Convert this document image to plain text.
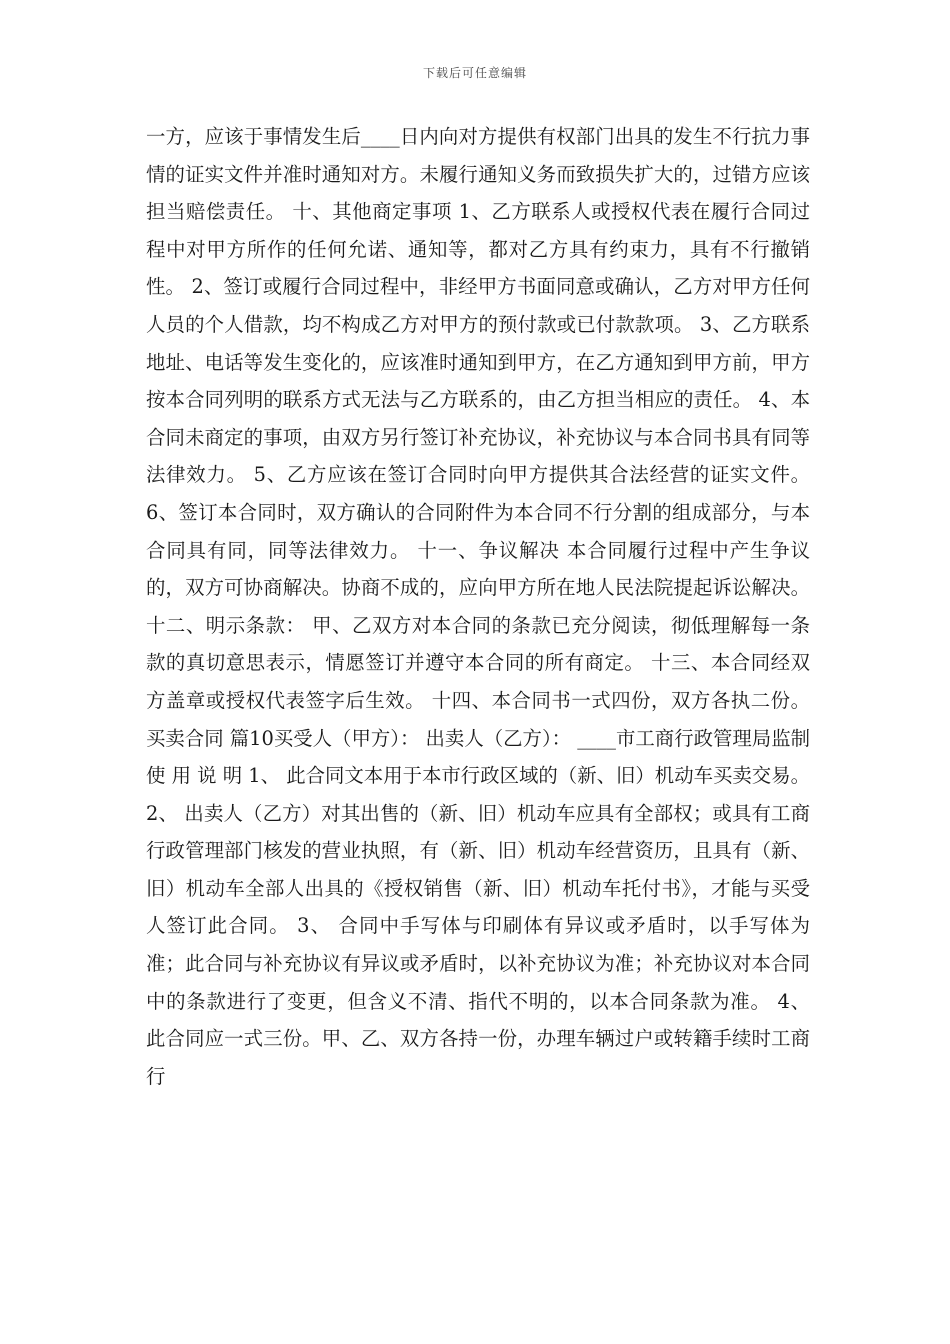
下载后可任意编辑

一方，应该于事情发生后____日内向对方提供有权部门出具的发生不行抗力事情的证实文件并准时通知对方。未履行通知义务而致损失扩大的，过错方应该担当赔偿责任。 十、其他商定事项 1、乙方联系人或授权代表在履行合同过程中对甲方所作的任何允诺、通知等，都对乙方具有约束力，具有不行撤销性。 2、签订或履行合同过程中，非经甲方书面同意或确认，乙方对甲方任何人员的个人借款，均不构成乙方对甲方的预付款或已付款款项。 3、乙方联系地址、电话等发生变化的，应该准时通知到甲方，在乙方通知到甲方前，甲方按本合同列明的联系方式无法与乙方联系的，由乙方担当相应的责任。 4、本合同未商定的事项，由双方另行签订补充协议，补充协议与本合同书具有同等法律效力。 5、乙方应该在签订合同时向甲方提供其合法经营的证实文件。 6、签订本合同时，双方确认的合同附件为本合同不行分割的组成部分，与本合同具有同，同等法律效力。 十一、争议解决 本合同履行过程中产生争议的，双方可协商解决。协商不成的，应向甲方所在地人民法院提起诉讼解决。 十二、明示条款： 甲、乙双方对本合同的条款已充分阅读，彻低理解每一条款的真切意思表示，情愿签订并遵守本合同的所有商定。 十三、本合同经双方盖章或授权代表签字后生效。 十四、本合同书一式四份，双方各执二份。买卖合同 篇10买受人（甲方）： 出卖人（乙方）： ____市工商行政管理局监制 使 用 说 明 1、 此合同文本用于本市行政区域的（新、旧）机动车买卖交易。 2、 出卖人（乙方）对其出售的（新、旧）机动车应具有全部权；或具有工商行政管理部门核发的营业执照，有（新、旧）机动车经营资历，且具有（新、旧）机动车全部人出具的《授权销售（新、旧）机动车托付书》，才能与买受人签订此合同。 3、 合同中手写体与印刷体有异议或矛盾时，以手写体为准；此合同与补充协议有异议或矛盾时，以补充协议为准；补充协议对本合同中的条款进行了变更，但含义不清、指代不明的，以本合同条款为准。 4、 此合同应一式三份。甲、乙、双方各持一份，办理车辆过户或转籍手续时工商行
